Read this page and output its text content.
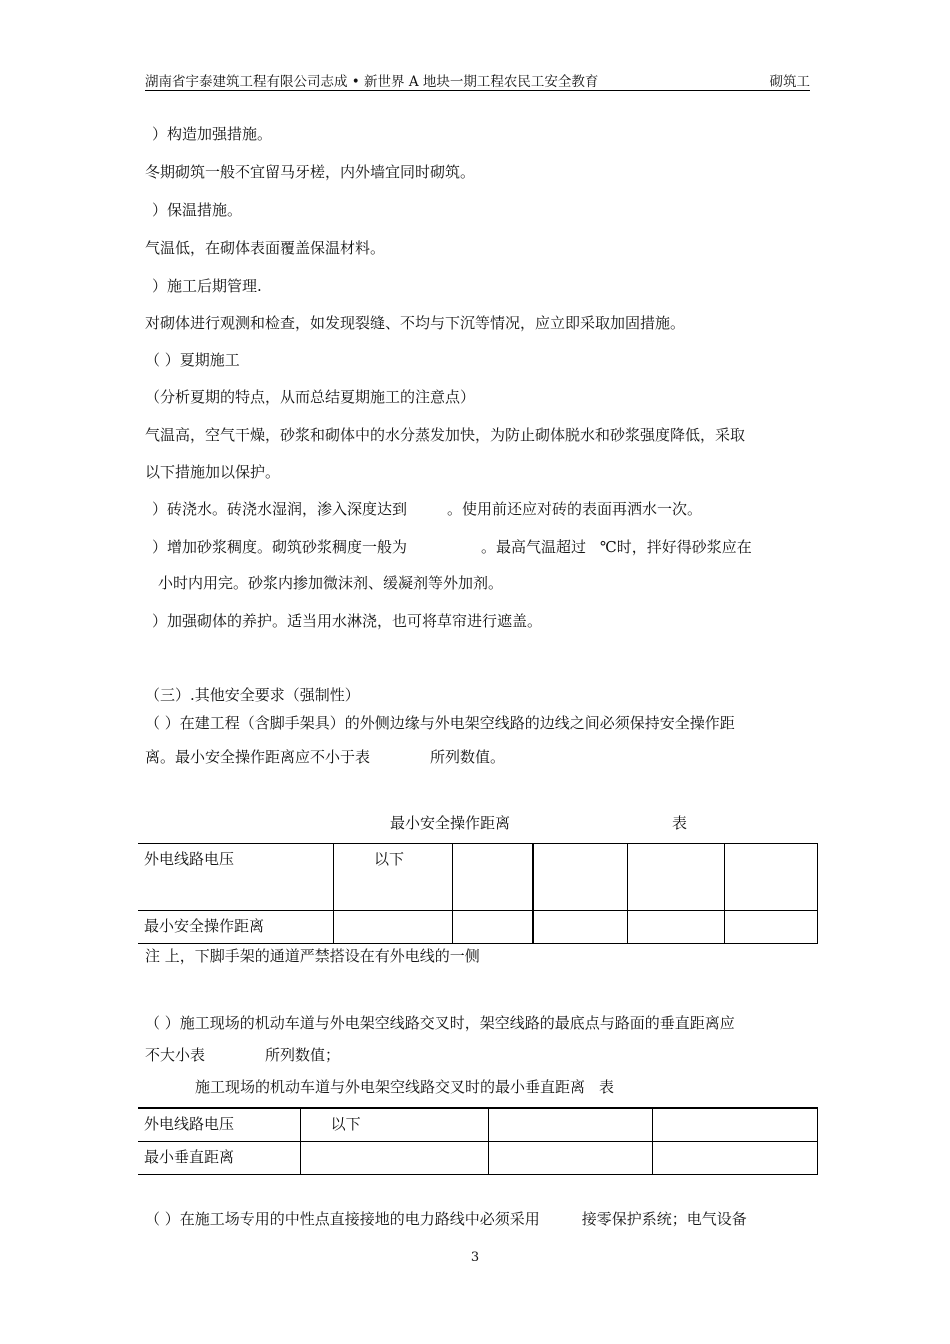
湖南省宇泰建筑工程有限公司志成 • 新世界 A 地块一期工程农民工安全教育	砌筑工
）构造加强措施。
冬期砌筑一般不宜留马牙槎，内外墙宜同时砌筑。
）保温措施。
气温低，在砌体表面覆盖保温材料。
）施工后期管理.
对砌体进行观测和检查，如发现裂缝、不均与下沉等情况，应立即采取加固措施。
（ ）夏期施工
（分析夏期的特点，从而总结夏期施工的注意点）
气温高，空气干燥，砂浆和砌体中的水分蒸发加快，为防止砌体脱水和砂浆强度降低，采取
以下措施加以保护。
）砖浇水。砖浇水湿润，渗入深度达到	。使用前还应对砖的表面再洒水一次。
）增加砂浆稠度。砌筑砂浆稠度一般为	。最高气温超过 ℃时，拌好得砂浆应在
小时内用完。砂浆内掺加微沫剂、缓凝剂等外加剂。
）加强砌体的养护。适当用水淋浇，也可将草帘进行遮盖。
（三）.其他安全要求（强制性）
（ ）在建工程（含脚手架具）的外侧边缘与外电架空线路的边线之间必须保持安全操作距
离。最小安全操作距离应不小于表	所列数值。
最小安全操作距离	表
外电线路电压	以下				
最小安全操作距离					
注 上，下脚手架的通道严禁搭设在有外电线的一侧
（ ）施工现场的机动车道与外电架空线路交叉时，架空线路的最底点与路面的垂直距离应
不大小表	所列数值；
施工现场的机动车道与外电架空线路交叉时的最小垂直距离 表
外电线路电压	以下		
最小垂直距离			
（ ）在施工场专用的中性点直接接地的电力路线中必须采用	接零保护系统；电气设备
3
